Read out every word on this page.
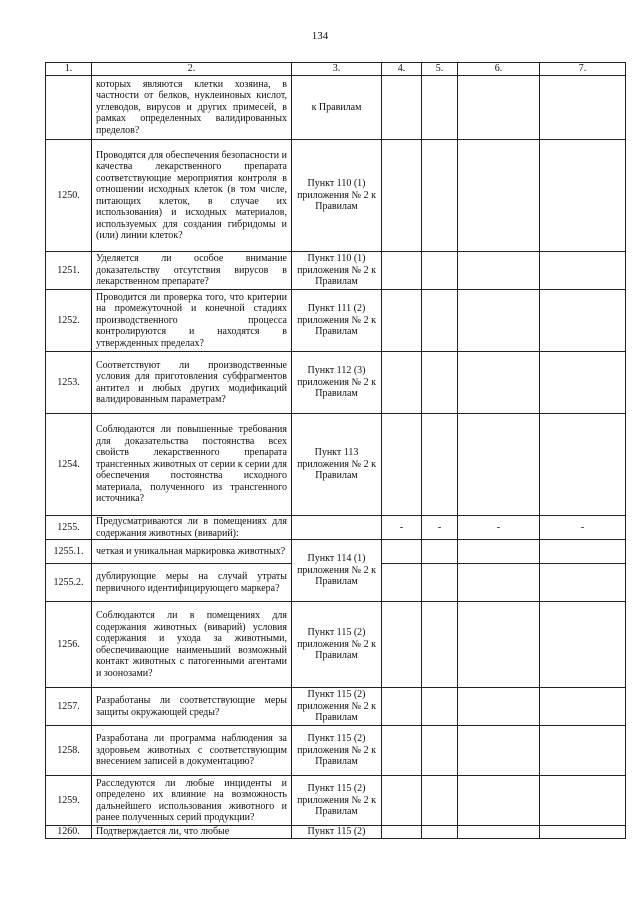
134
1.	2.	3.	4.	5.	6.	7.
	которых являются клетки хозяина, в частности от белков, нуклеиновых кислот, углеводов, вирусов и других примесей, в рамках определенных валидированных пределов?	к Правилам				
1250.	Проводятся для обеспечения безопасности и качества лекарственного препарата соответствующие мероприятия контроля в отношении исходных клеток (в том числе, питающих клеток, в случае их использования) и исходных материалов, используемых для создания гибридомы и (или) линии клеток?	Пункт 110 (1) приложения № 2 к Правилам				
1251.	Уделяется ли особое внимание доказательству отсутствия вирусов в лекарственном препарате?	Пункт 110 (1) приложения № 2 к Правилам				
1252.	Проводится ли проверка того, что критерии на промежуточной и конечной стадиях производственного процесса контролируются и находятся в утвержденных пределах?	Пункт 111 (2) приложения № 2 к Правилам				
1253.	Соответствуют ли производственные условия для приготовления субфрагментов антител и любых других модификаций валидированным параметрам?	Пункт 112 (3) приложения № 2 к Правилам				
1254.	Соблюдаются ли повышенные требования для доказательства постоянства всех свойств лекарственного препарата трансгенных животных от серии к серии для обеспечения постоянства исходного материала, полученного из трансгенного источника?	Пункт 113 приложения № 2 к Правилам				
1255.	Предусматриваются ли в помещениях для содержания животных (виварий):		-	-	-	-
1255.1.	четкая и уникальная маркировка животных?	Пункт 114 (1) приложения № 2 к Правилам				
1255.2.	дублирующие меры на случай утраты первичного идентифицирующего маркера?					
1256.	Соблюдаются ли в помещениях для содержания животных (виварий) условия содержания и ухода за животными, обеспечивающие наименьший возможный контакт животных с патогенными агентами и зоонозами?	Пункт 115 (2) приложения № 2 к Правилам				
1257.	Разработаны ли соответствующие меры защиты окружающей среды?	Пункт 115 (2) приложения № 2 к Правилам				
1258.	Разработана ли программа наблюдения за здоровьем животных с соответствующим внесением записей в документацию?	Пункт 115 (2) приложения № 2 к Правилам				
1259.	Расследуются ли любые инциденты и определено их влияние на возможность дальнейшего использования животного и ранее полученных серий продукции?	Пункт 115 (2) приложения № 2 к Правилам				
1260.	Подтверждается ли, что любые	Пункт 115 (2)				
